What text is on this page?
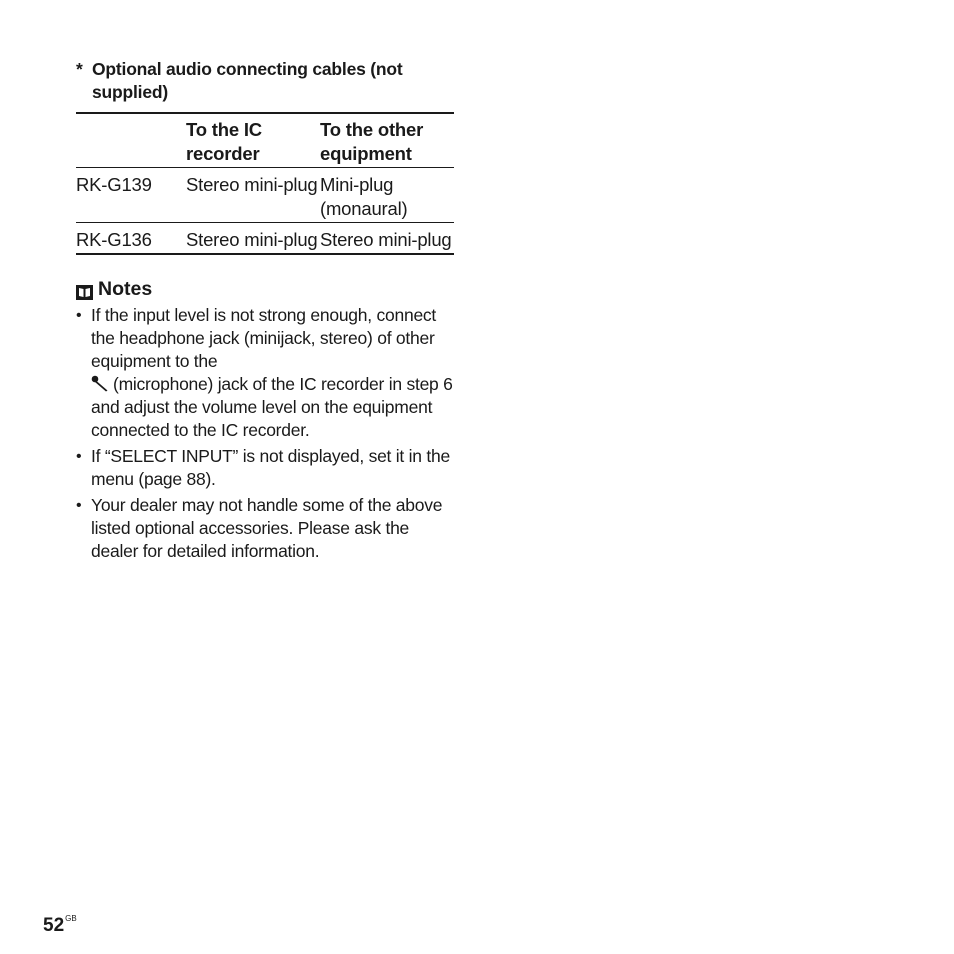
* Optional audio connecting cables (not supplied)
	To the IC recorder	To the other equipment
RK-G139	Stereo mini-plug	Mini-plug (monaural)
RK-G136	Stereo mini-plug	Stereo mini-plug
Notes
• If the input level is not strong enough, connect the headphone jack (minijack, stereo) of other equipment to the
(microphone) jack of the IC recorder in step 6 and adjust the volume level on the equipment connected to the IC recorder.
• If “SELECT INPUT” is not displayed, set it in the menu (page 88).
• Your dealer may not handle some of the above listed optional accessories. Please ask the dealer for detailed information.
$52^{GB}$
